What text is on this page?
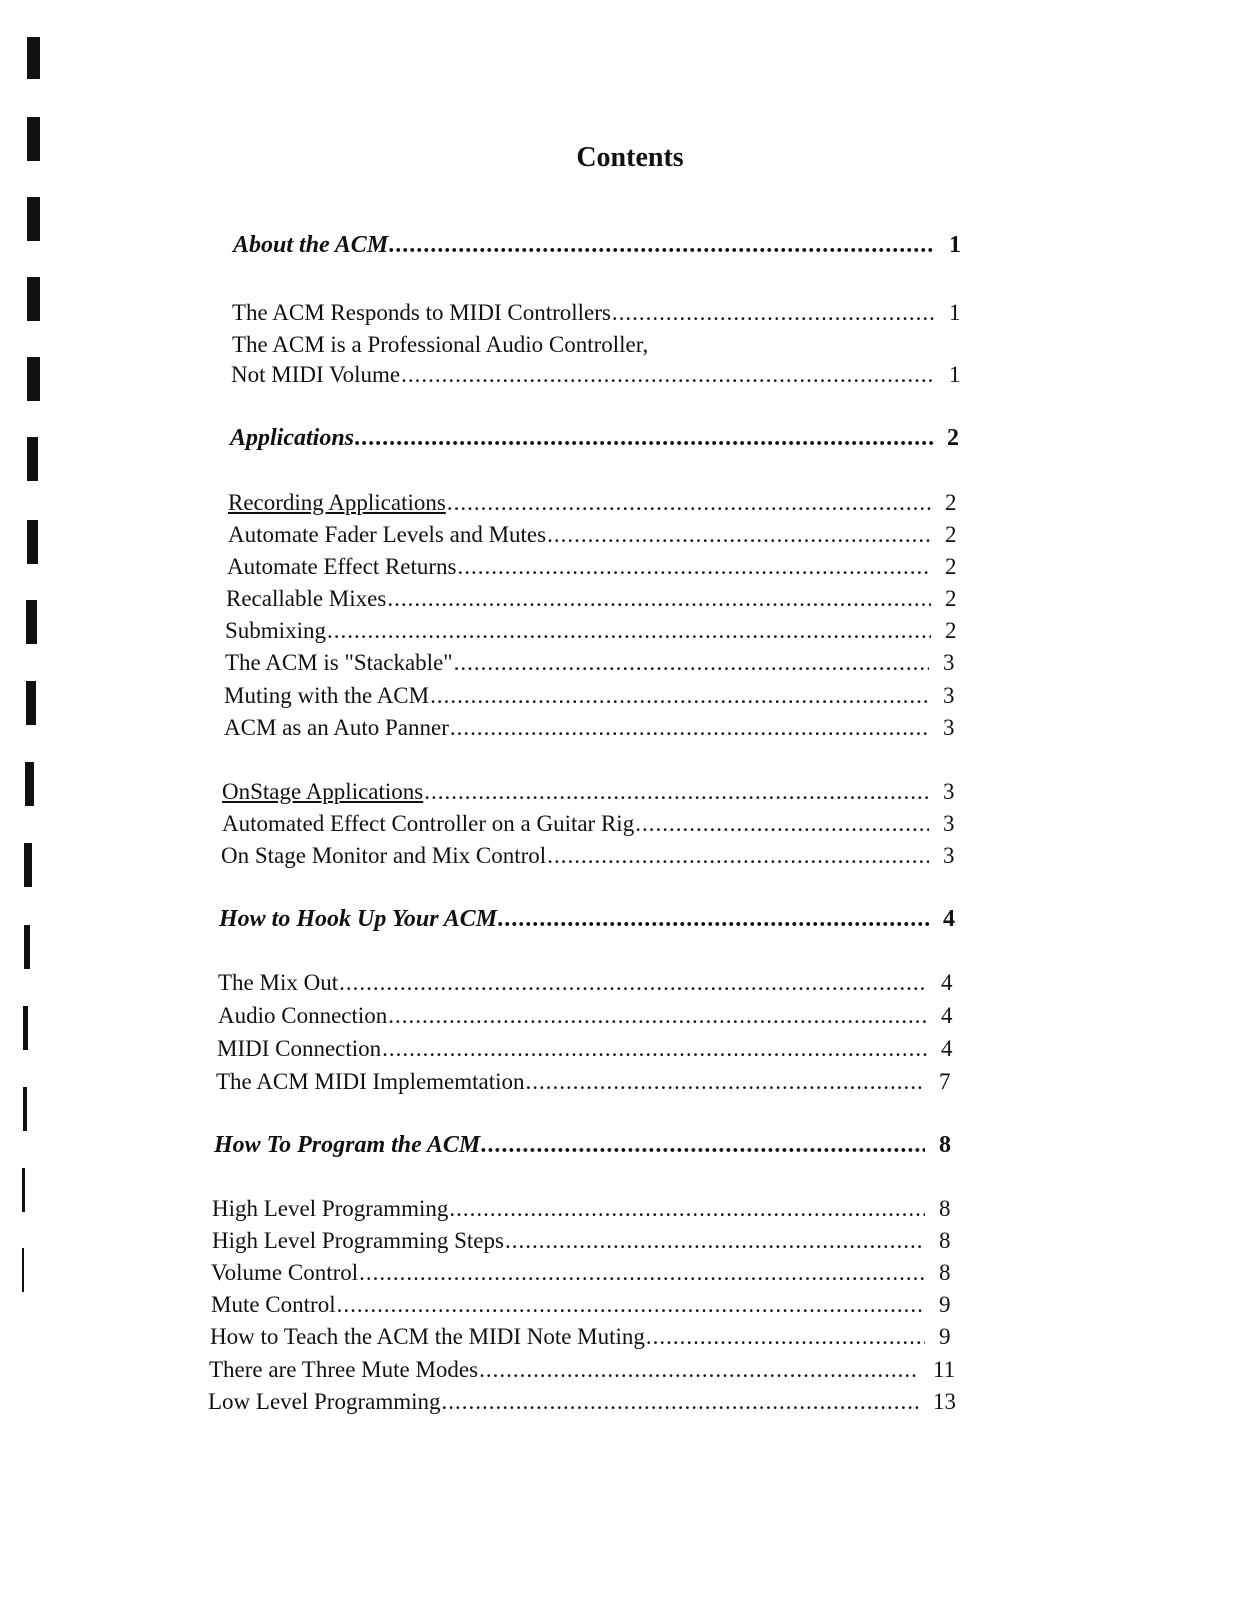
Contents
About the ACM .....	1
The ACM Responds to MIDI Controllers .....	1
The ACM is a Professional Audio Controller,
Not MIDI Volume .....	1
Applications .....	2
Recording Applications .....	2
Automate Fader Levels and Mutes .....	2
Automate Effect Returns .....	2
Recallable Mixes .....	2
Submixing .....	2
The ACM is "Stackable" .....	3
Muting with the ACM .....	3
ACM as an Auto Panner .....	3
OnStage Applications .....	3
Automated Effect Controller on a Guitar Rig .....	3
On Stage Monitor and Mix Control .....	3
How to Hook Up Your ACM .....	4
The Mix Out .....	4
Audio Connection .....	4
MIDI Connection .....	4
The ACM MIDI Implememtation .....	7
How To Program the ACM .....	8
High Level Programming .....	8
High Level Programming Steps .....	8
Volume Control .....	8
Mute Control .....	9
How to Teach the ACM the MIDI Note Muting .....	9
There are Three Mute Modes .....	11
Low Level Programming .....	13
